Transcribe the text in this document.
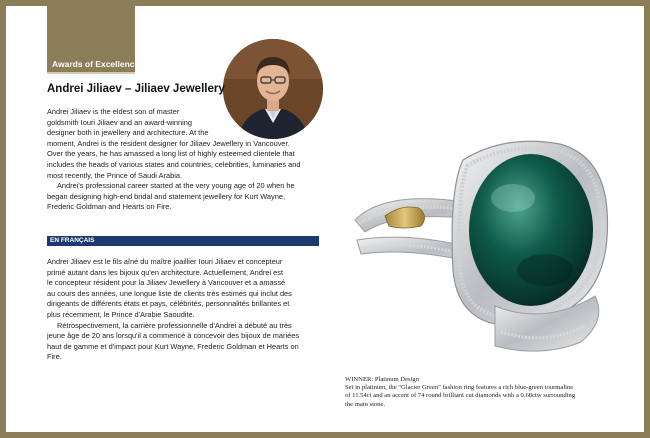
Awards of Excellence
Andrei Jiliaev – Jiliaev Jewellery

Andrei Jiliaev is the eldest son of master

goldsmith Iouri Jiliaev and an award-winning

designer both in jewellery and architecture. At the

moment, Andrei is the resident designer for Jiliaev Jewellery in Vancouver.

Over the years, he has amassed a long list of highly esteemed clientele that

includes the heads of various states and countries, celebrities, luminaries and

most recently, the Prince of Saudi Arabia.

Andrei's professional career started at the very young age of 20 when he

began designing high-end bridal and statement jewellery for Kurt Wayne,

Frederic Goldman and Hearts on Fire.

EN FRANÇAIS

Andrei Jiliaev est le fils aîné du maître joaillier Iouri Jiliaev et concepteur

primé autant dans les bijoux qu'en architecture. Actuellement, Andrei est

le concepteur résident pour la Jiliaev Jewellery à Vancouver et a amassé

au cours des années, une longue liste de clients très estimés qui inclut des

dirigeants de différents états et pays, célébrités, personnalités brillantes et

plus récemment, le Prince d'Arabie Saoudite.

Rétrospectivement, la carrière professionnelle d'Andrei a débuté au très

jeune âge de 20 ans lorsqu'il a commencé à concevoir des bijoux de mariées

haut de gamme et d'impact pour Kurt Wayne, Frederic Goldman et Hearts on

Fire.

WINNER: Platinum Design

Set in platinum, the "Glacier Green" fashion ring features a rich blue-green tourmaline

of 11.54ct and an accent of 74 round brilliant cut diamonds with a 0.68ctw surrounding

the main stone.
